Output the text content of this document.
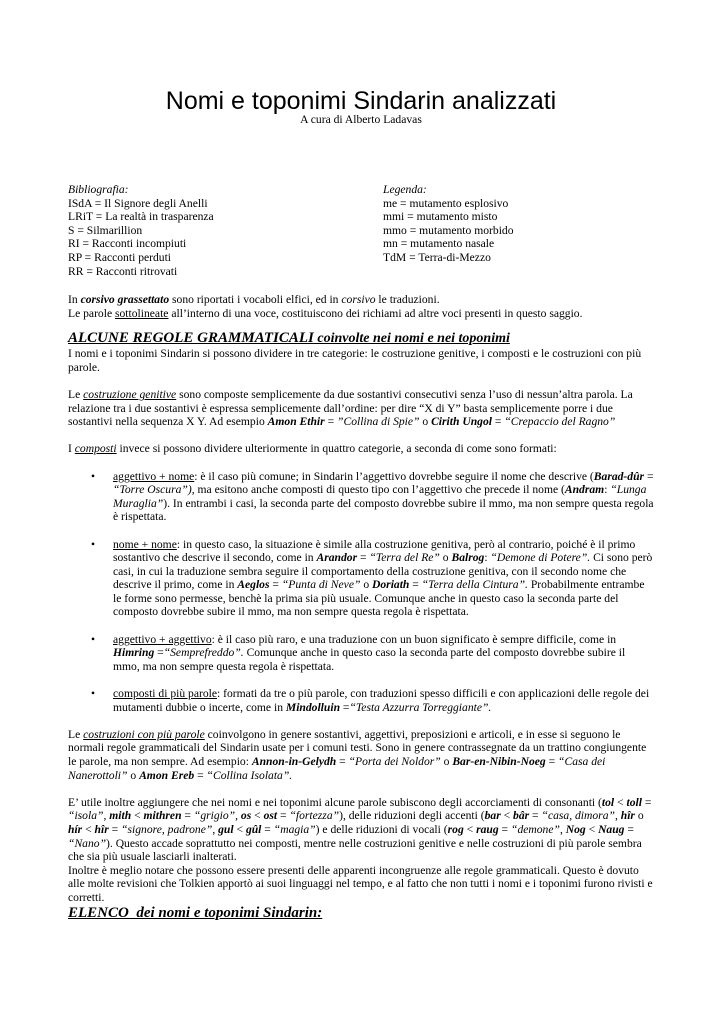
Nomi e toponimi Sindarin analizzati
A cura di Alberto Ladavas
Bibliografia:
ISdA = Il Signore degli Anelli
LRiT = La realtà in trasparenza
S = Silmarillion
RI = Racconti incompiuti
RP = Racconti perduti
RR = Racconti ritrovati
Legenda:
me = mutamento esplosivo
mmi = mutamento misto
mmo = mutamento morbido
mn = mutamento nasale
TdM = Terra-di-Mezzo

In corsivo grassettato sono riportati i vocaboli elfici, ed in corsivo le traduzioni.

Le parole sottolineate all’interno di una voce, costituiscono dei richiami ad altre voci presenti in questo saggio.

ALCUNE REGOLE GRAMMATICALI coinvolte nei nomi e nei toponimi

I nomi e i toponimi Sindarin si possono dividere in tre categorie: le costruzione genitive, i composti e le costruzioni con più parole.

Le costruzione genitive sono composte semplicemente da due sostantivi consecutivi senza l’uso di nessun’altra parola. La relazione tra i due sostantivi è espressa semplicemente dall’ordine: per dire “X di Y” basta semplicemente porre i due sostantivi nella sequenza X Y. Ad esempio Amon Ethir = ”Collina di Spie” o Cirith Ungol = “Crepaccio del Ragno”

I composti invece si possono dividere ulteriormente in quattro categorie, a seconda di come sono formati:

• aggettivo + nome: è il caso più comune; in Sindarin l’aggettivo dovrebbe seguire il nome che descrive (Barad-dûr = “Torre Oscura”), ma esitono anche composti di questo tipo con l’aggettivo che precede il nome (Andram: “Lunga Muraglia”). In entrambi i casi, la seconda parte del composto dovrebbe subire il mmo, ma non sempre questa regola è rispettata.
• nome + nome: in questo caso, la situazione è simile alla costruzione genitiva, però al contrario, poiché è il primo sostantivo che descrive il secondo, come in Arandor = “Terra del Re” o Balrog: “Demone di Potere”. Ci sono però casi, in cui la traduzione sembra seguire il comportamento della costruzione genitiva, con il secondo nome che descrive il primo, come in Aeglos = “Punta di Neve” o Doriath = “Terra della Cintura”. Probabilmente entrambe le forme sono permesse, benchè la prima sia più usuale. Comunque anche in questo caso la seconda parte del composto dovrebbe subire il mmo, ma non sempre questa regola è rispettata.
• aggettivo + aggettivo: è il caso più raro, e una traduzione con un buon significato è sempre difficile, come in Himring =“Semprefreddo”. Comunque anche in questo caso la seconda parte del composto dovrebbe subire il mmo, ma non sempre questa regola è rispettata.
• composti di più parole: formati da tre o più parole, con traduzioni spesso difficili e con applicazioni delle regole dei mutamenti dubbie o incerte, come in Mindolluin =“Testa Azzurra Torreggiante”.

Le costruzioni con più parole coinvolgono in genere sostantivi, aggettivi, preposizioni e articoli, e in esse si seguono le normali regole grammaticali del Sindarin usate per i comuni testi. Sono in genere contrassegnate da un trattino congiungente le parole, ma non sempre. Ad esempio: Annon-in-Gelydh = “Porta dei Noldor” o Bar-en-Nibin-Noeg = “Casa dei Nanerottoli” o Amon Ereb = “Collina Isolata”.

E’ utile inoltre aggiungere che nei nomi e nei toponimi alcune parole subiscono degli accorciamenti di consonanti (tol < toll = “isola”, mith < mithren = “grigio”, os < ost = “fortezza”), delle riduzioni degli accenti (bar < bâr = “casa, dimora”, hîr o hír < hîr = “signore, padrone”, gul < gûl = “magia”) e delle riduzioni di vocali (rog < raug = “demone”, Nog < Naug = “Nano”). Questo accade soprattutto nei composti, mentre nelle costruzioni genitive e nelle costruzioni di più parole sembra che sia più usuale lasciarli inalterati.

Inoltre è meglio notare che possono essere presenti delle apparenti incongruenze alle regole grammaticali. Questo è dovuto alle molte revisioni che Tolkien apportò ai suoi linguaggi nel tempo, e al fatto che non tutti i nomi e i toponimi furono rivisti e corretti.

ELENCO  dei nomi e toponimi Sindarin:
